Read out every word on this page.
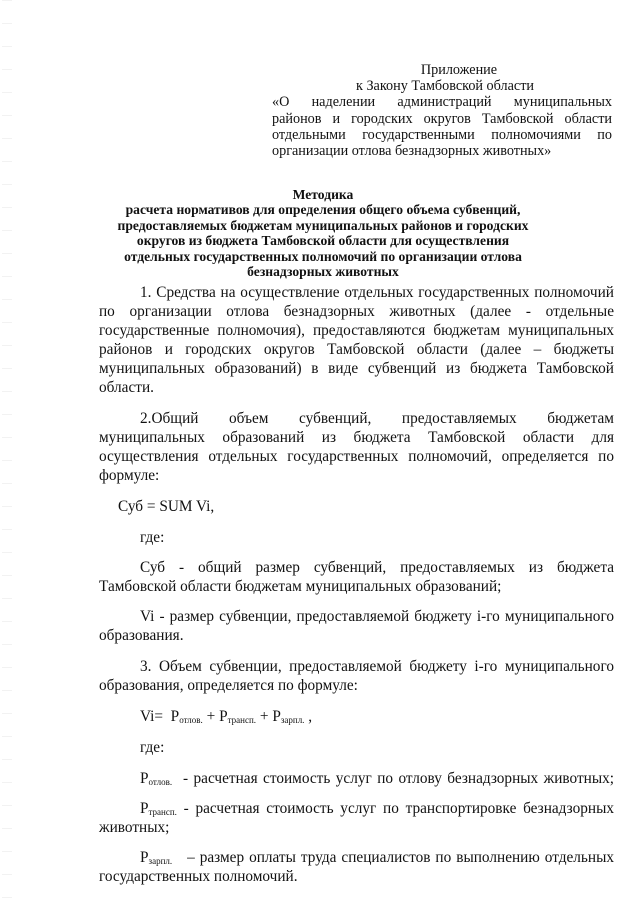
Приложение
к Закону Тамбовской области
«О наделении администраций муниципальных
районов и городских округов Тамбовской области
отдельными государственными полномочиями по
организации отлова безнадзорных животных»
Методика
расчета нормативов для определения общего объема субвенций,
предоставляемых бюджетам муниципальных районов и городских
округов из бюджета Тамбовской области для осуществления
отдельных государственных полномочий по организации отлова
безнадзорных животных

1. Средства на осуществление отдельных государственных полномочий
по организации отлова безнадзорных животных (далее - отдельные
государственные полномочия), предоставляются бюджетам муниципальных
районов и городских округов Тамбовской области (далее – бюджеты
муниципальных образований) в виде субвенций из бюджета Тамбовской
области.

2.Общий объем субвенций, предоставляемых бюджетам
муниципальных образований из бюджета Тамбовской области для
осуществления отдельных государственных полномочий, определяется по
формуле:

Суб = SUM Vi,

где:

Суб - общий размер субвенций, предоставляемых из бюджета
Тамбовской области бюджетам муниципальных образований;

Vi - размер субвенции, предоставляемой бюджету i-го муниципального
образования.

3. Объем субвенции, предоставляемой бюджету i-го муниципального
образования, определяется по формуле:

$Vi= P_{отлов.} + P_{трансп.} + P_{зарпл.}$ ,

где:

$P_{отлов.}$ - расчетная стоимость услуг по отлову безнадзорных животных;

$P_{трансп.}$ - расчетная стоимость услуг по транспортировке безнадзорных
животных;

$P_{зарпл.}$ – размер оплаты труда специалистов по выполнению отдельных
государственных полномочий.
